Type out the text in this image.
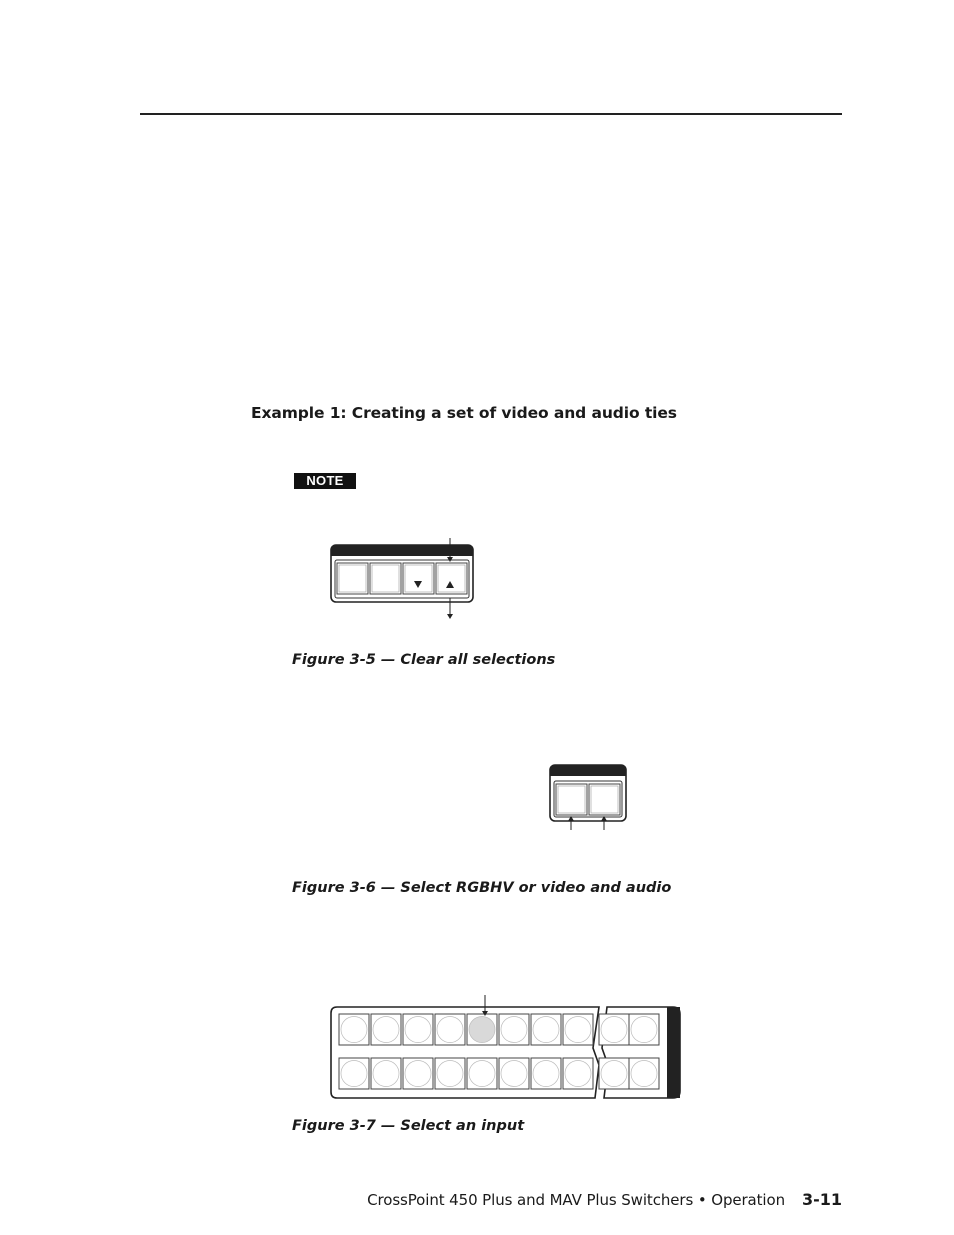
Example 1: Creating a set of video and audio ties
NOTE
Figure 3-5 — Clear all selections
Figure 3-6 — Select RGBHV or video and audio
Figure 3-7 — Select an input
CrossPoint 450 Plus and MAV Plus Switchers • Operation 3-11
